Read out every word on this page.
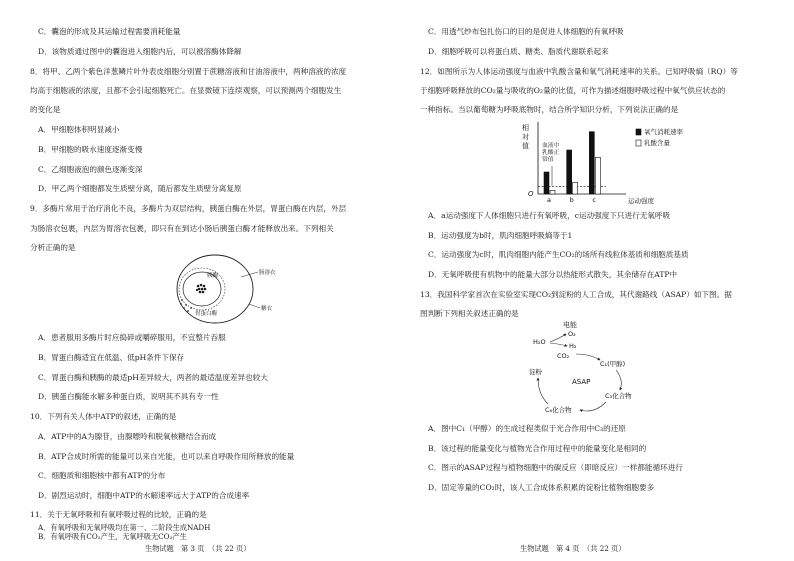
C．囊泡的形成及其运输过程需要消耗能量
D．该物质通过图中的囊泡进入细胞内后，可以被溶酶体降解
8．将甲、乙两个紫色洋葱鳞片叶外表皮细胞分别置于蔗糖溶液和甘油溶液中，两种溶液的浓度
均高于细胞液的浓度，且都不会引起细胞死亡。在显微镜下连续观察，可以预测两个细胞发生
的变化是
A．甲细胞体积明显减小
B．甲细胞的吸水速度逐渐变慢
C．乙细胞液泡的颜色逐渐变深
D．甲乙两个细胞都发生质壁分离，随后都发生质壁分离复原
9．多酶片常用于治疗消化不良，多酶片为双层结构，胰蛋白酶在外层，胃蛋白酶在内层，外层
为肠溶衣包裹，内层为胃溶衣包裹，即只有在到达小肠后胰蛋白酶才能释放出来。下列相关
分析正确的是
胰酶	肠溶衣
糖衣
胃蛋白酶
A．患者服用多酶片时应捣碎或嚼碎服用，不宜整片吞服
B．胃蛋白酶适宜在低温、低pH条件下保存
C．胃蛋白酶和胰酶的最适pH差异较大，两者的最适温度差异也较大
D．胰蛋白酶能水解多种蛋白质，说明其不具有专一性
10．下列有关人体中ATP的叙述，正确的是
A．ATP中的A为腺苷，由腺嘌呤和脱氧核糖结合而成
B．ATP合成时所需的能量可以来自光能，也可以来自呼吸作用所释放的能量
C．细胞质和细胞核中都有ATP的分布
D．剧烈运动时，细胞中ATP的水解速率远大于ATP的合成速率
11．关于无氧呼吸和有氧呼吸过程的比较，正确的是
A．有氧呼吸和无氧呼吸均在第一、二阶段生成NADH
B．有氧呼吸有CO₂产生，无氧呼吸无CO₂产生
生物试题　第 3 页　（共 22 页）
C．用透气纱布包扎伤口的目的是促进人体细胞的有氧呼吸
D．细胞呼吸可以将蛋白质、糖类、脂质代谢联系起来
12．如图所示为人体运动强度与血液中乳酸含量和氧气消耗速率的关系。已知呼吸熵（RQ）等
于细胞呼吸释放的CO₂量与吸收的O₂量的比值，可作为描述细胞呼吸过程中氧气供应状态的
一种指标。当以葡萄糖为呼吸底物时，结合所学知识分析，下列说法正确的是
相
对
值
O
运动强度
血液中
乳酸正
常值
a	b	c
氧气消耗速率
乳酸含量
A．a运动强度下人体细胞只进行有氧呼吸，c运动强度下只进行无氧呼吸
B．运动强度为b时，肌肉细胞呼吸熵等于1
C．运动强度为c时，肌肉细胞内能产生CO₂的场所有线粒体基质和细胞质基质
D．无氧呼吸使有机物中的能量大部分以热能形式散失，其余储存在ATP中
13．我国科学家首次在实验室实现CO₂到淀粉的人工合成，其代谢路线（ASAP）如下图。据
图判断下列相关叙述正确的是
电能
O₂
H₂O	H₂
CO₂
C₁(甲醇)
C₃化合物
C₆化合物
淀粉
ASAP
A．图中C₁（甲醇）的生成过程类似于光合作用中C₃的还原
B．该过程的能量变化与植物光合作用过程中的能量变化是相同的
C．图示的ASAP过程与植物细胞中的碳反应（即暗反应）一样都能循环进行
D．固定等量的CO₂时，该人工合成体系积累的淀粉比植物细胞要多
生物试题　第 4 页　（共 22 页）
